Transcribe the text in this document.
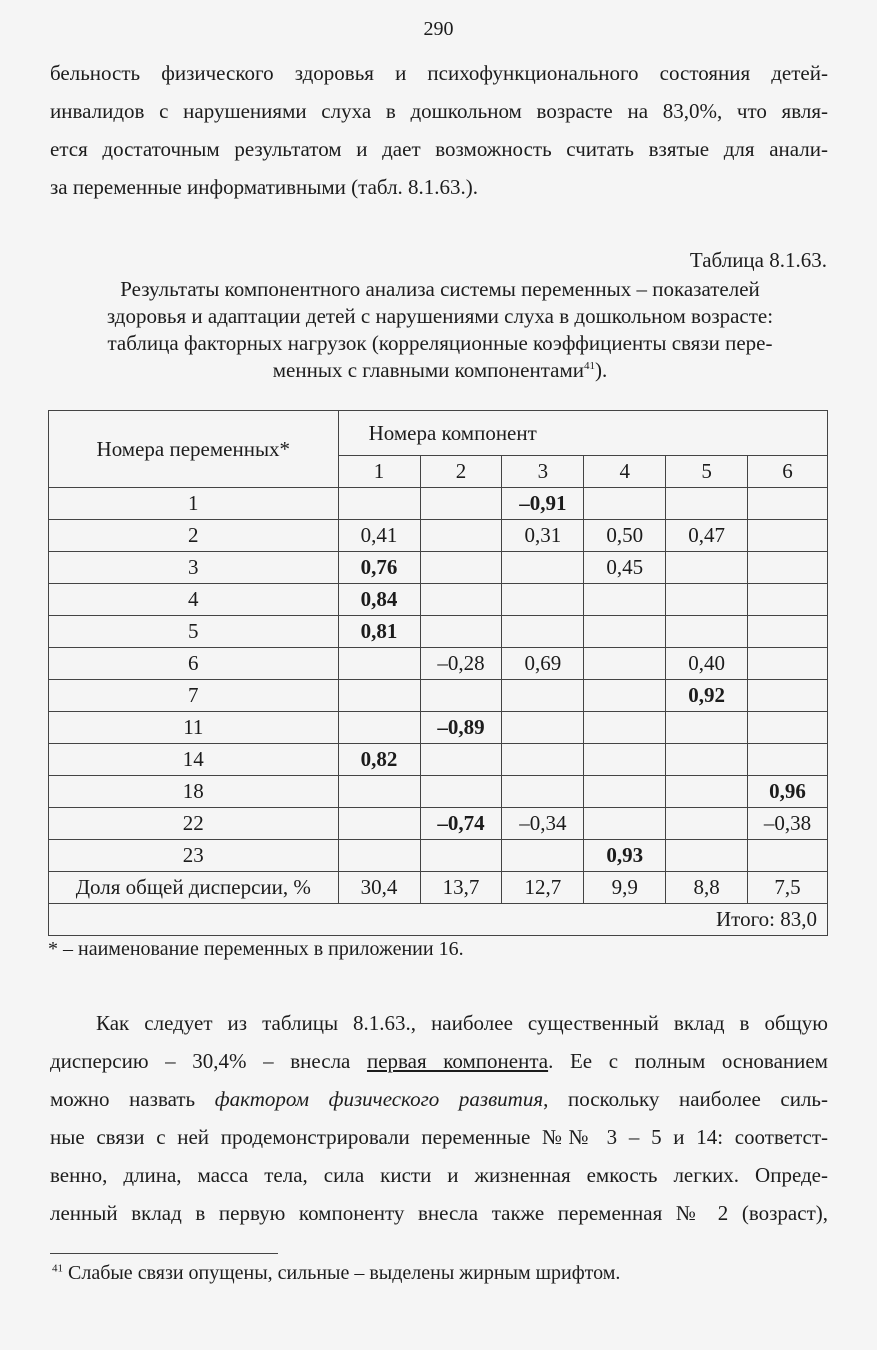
290
бельность физического здоровья и психофункционального состояния детей-
инвалидов с нарушениями слуха в дошкольном возрасте на 83,0%, что явля-
ется достаточным результатом и дает возможность считать взятые для анали-
за переменные информативными (табл. 8.1.63.).
Таблица 8.1.63.
Результаты компонентного анализа системы переменных – показателей
здоровья и адаптации детей с нарушениями слуха в дошкольном возрасте:
таблица факторных нагрузок (корреляционные коэффициенты связи пере-
менных с главными компонентами$^{41}$).
Номера переменных*	Номера компонент					
	1	2	3	4	5	6
1			–0,91			
2	0,41		0,31	0,50	0,47	
3	0,76			0,45		
4	0,84					
5	0,81					
6		–0,28	0,69		0,40	
7					0,92	
11		–0,89				
14	0,82					
18						0,96
22		–0,74	–0,34			–0,38
23				0,93		
Доля общей дисперсии, %	30,4	13,7	12,7	9,9	8,8	7,5
Итого: 83,0						
* – наименование переменных в приложении 16.
Как следует из таблицы 8.1.63., наиболее существенный вклад в общую
дисперсию – 30,4% – внесла первая компонента. Ее с полным основанием
можно назвать фактором физического развития, поскольку наиболее силь-
ные связи с ней продемонстрировали переменные №№ 3 – 5 и 14: соответст-
венно, длина, масса тела, сила кисти и жизненная емкость легких. Опреде-
ленный вклад в первую компоненту внесла также переменная № 2 (возраст),
$^{41}$ Слабые связи опущены, сильные – выделены жирным шрифтом.
